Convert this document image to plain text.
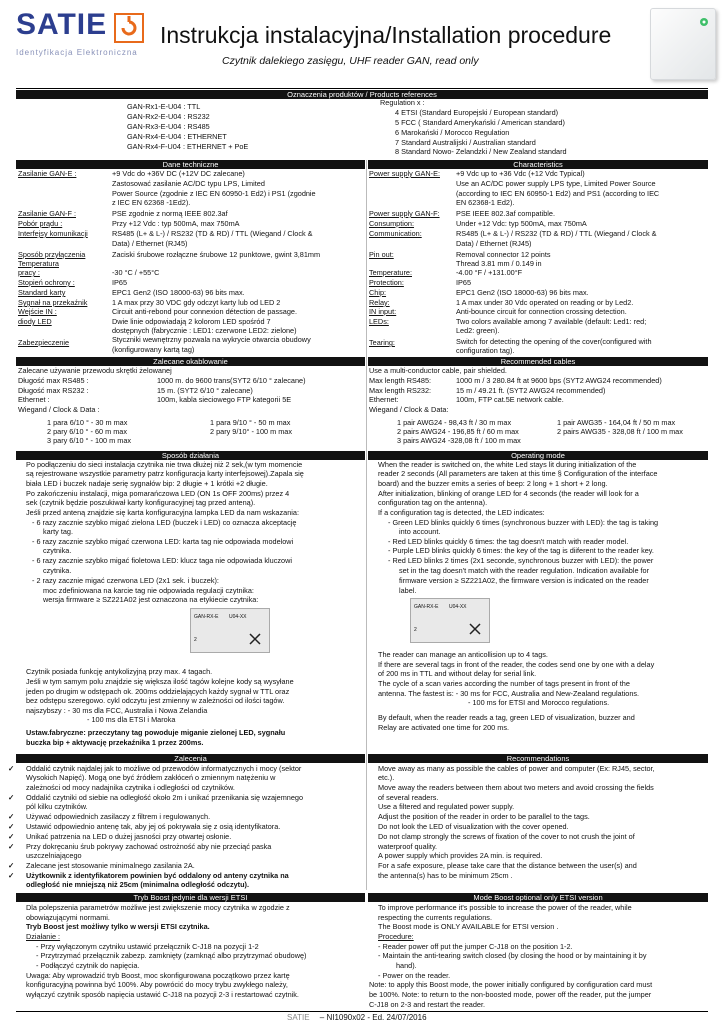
SATIE
Identyfikacja Elektroniczna
Instrukcja instalacyjna/Installation procedure
Czytnik dalekiego zasięgu, UHF reader GAN, read only
Oznaczenia produktów / Products references
Dane techniczne	Characteristics
Zalecane okablowanie	Recommended cables
Sposób działania	Operating mode
Zalecenia	Recommendations
Tryb Boost jedynie dla wersji ETSI	Mode Boost optional only ETSI version
GAN-RX-E U04-XX
2
GAN-RX-E U04-XX
2
GAN-Rx1-E-U04 : TTL
GAN-Rx2-E-U04 : RS232
GAN-Rx3-E-U04 : RS485
GAN-Rx4-E-U04 : ETHERNET
GAN-Rx4-F-U04 : ETHERNET + PoE
Regulation x :
4 ETSI (Standard Europejski / European standard)
5 FCC ( Standard Amerykański / American standard)
6 Marokański / Morocco Regulation
7 Standard Australijski / Australian standard
8 Standard Nowo- Zelandzki / New Zealand standard
Zasilanie GAN-E :	+9 Vdc do +36V DC (+12V DC zalecane)
Zastosować zasilanie AC/DC typu LPS, Limited
Power Source (zgodnie z IEC EN 60950-1 Ed2) i PS1 (zgodnie
z IEC EN 62368 -1Ed2).
Zasilanie GAN-F :	PSE zgodnie z normą IEEE 802.3af
Pobór prądu :	Przy +12 Vdc : typ 500mA, max 750mA
Interfejsy komunikacji	RS485 (L+ & L-) / RS232 (TD & RD) / TTL (Wiegand / Clock &
Data) / Ethernet (RJ45)
Sposób przyłączenia	Zaciski śrubowe rozłączne śrubowe 12 punktowe, gwint 3,81mm
Temperatura
pracy :	-30 °C / +55°C
Stopień ochrony :	IP65
Standard karty	EPC1 Gen2 (ISO 18000-63) 96 bits max.
Sygnał na przekaźnik	1 A max przy 30 VDC gdy odczyt karty lub od LED 2
Wejście IN :	Circuit anti-rebond pour connexion détection de passage.
diody LED	Dwie linie odpowiadają 2 kolorom LED spośród 7
dostępnych (fabrycznie : LED1: czerwone LED2: zielone)
Zabezpieczenie	Styczniki wewnętrzny pozwala na wykrycie otwarcia obudowy
(konfigurowany kartą tag)
Power supply GAN-E: +9 Vdc up to +36 Vdc (+12 Vdc Typical)
Use an AC/DC power supply LPS type, Limited Power Source
(according to IEC EN 60950-1 Ed2) and PS1 (according to IEC
EN 62368-1 Ed2).
Power supply GAN-F: PSE IEEE 802.3af compatible.
Consumption:	Under +12 Vdc: typ 500mA, max 750mA
Communication:	RS485 (L+ & L-) / RS232 (TD & RD) / TTL (Wiegand / Clock &
Data) / Ethernet (RJ45)
Pin out:	Removal connector 12 points
Thread 3.81 mm / 0.149 in
Temperature:	-4.00 °F / +131.00°F
Protection:	IP65
Chip:	EPC1 Gen2 (ISO 18000-63) 96 bits max.
Relay:	1 A max under 30 Vdc operated on reading or by Led2.
IN input:	Anti-bounce circuit for connection crossing detection.
LEDs:	Two colors available among 7 available (default: Led1: red;
Led2: green).
Tearing:	Switch for detecting the opening of the cover(configured with
configuration tag).
Zalecane używanie przewodu skrętki żelowanej
Długość max RS485 :	1000 m. do 9600 trans(SYT2 6/10 ° zalecane)
Długość max RS232 :	15 m. (SYT2 6/10 ° zalecane)
Ethernet :	100m, kabla sieciowego FTP kategorii 5E
Wiegand / Clock & Data :
1 para 6/10 ° - 30 m max	1 para 9/10 ° - 50 m max
2 pary 6/10 ° - 60 m max	2 pary 9/10° - 100 m max
3 pary 6/10 ° - 100 m max
Use a multi-conductor cable, pair shielded.
Max length RS485:	1000 m / 3 280.84 ft at 9600 bps (SYT2 AWG24 recommended)
Max length RS232:	15 m / 49.21 ft. (SYT2 AWG24 recommended)
Ethernet:	100m, FTP cat.5E network cable.
Wiegand / Clock & Data:
1 pair AWG24 - 98,43 ft / 30 m max	1 pair AWG35 - 164,04 ft / 50 m max
2 pairs AWG24 - 196,85 ft / 60 m max	2 pairs AWG35 - 328,08 ft / 100 m max
3 pairs AWG24 -328,08 ft / 100 m max
Po podłączeniu do sieci instalacja czytnika nie trwa dłużej niż 2 sek,(w tym momencie
są rejestrowane wszystkie parametry patrz konfiguracja karty interfejsowej).Zapala się
biała LED i buczek nadaje serię sygnałów bip: 2 długie + 1 krótki +2 długie.
Po zakończeniu instalacji, miga pomarańczowa LED (ON 1s OFF 200ms) przez 4
sek (czytnik będzie poszukiwał karty konfiguracyjnej tag przed anteną).
Jeśli przed anteną znajdzie się karta konfiguracyjna lampka LED da nam wskazania:
- 6 razy zacznie szybko migać zielona LED (buczek i LED) co oznacza akceptację
karty tag.
- 6 razy zacznie szybko migać czerwona LED: karta tag nie odpowiada modelowi
czytnika.
- 6 razy zacznie szybko migać fioletowa LED: klucz taga nie odpowiada kluczowi
czytnika.
- 2 razy zacznie migać czerwona LED (2x1 sek. i buczek):
moc zdefiniowana na karcie tag nie odpowiada regulacji czytnika:
wersja firmware ≥ SZ221A02 jest oznaczona na etykiecie czytnika:
Czytnik posiada funkcję antykolizyjną przy max. 4 tagach.
Jeśli w tym samym polu znajdzie się większa ilość tagów kolejne kody są wysyłane
jeden po drugim w odstępach ok. 200ms oddzielających każdy sygnał w TTL oraz
bez odstępu szeregowo. cykl odczytu jest zmienny w zależności od ilości tagów.
najszybszy : - 30 ms dla FCC, Australia i Nowa Zelandia
- 100 ms dla ETSI i Maroka
Ustaw.fabryczne: przeczytany tag powoduje miganie zielonej LED, sygnału
buczka bip + aktywację przekaźnika 1 przez 200ms.
When the reader is switched on, the white Led stays lit during initialization of the
reader 2 seconds (All parameters are taken at this time § Configuration of the interface
board) and the buzzer emits a series of beep: 2 long + 1 short + 2 long.
After initialization, blinking of orange LED for 4 seconds (the reader will look for a
configuration tag on the antenna).
If a configuration tag is detected, the LED indicates:
- Green LED blinks quickly 6 times (synchronous buzzer with LED): the tag is taking
into account.
- Red LED blinks quickly 6 times: the tag doesn't match with reader model.
- Purple LED blinks quickly 6 times: the key of the tag is diiferent to the reader key.
- Red LED blinks 2 times (2x1 seconde, synchronous buzzer with LED): the power
set in the tag doesn't match with the reader regulation. Indication available for
firmware version ≥ SZ221A02, the firmware version is indicated on the reader
label.
The reader can manage an anticollision up to 4 tags.
If there are several tags in front of the reader, the codes send one by one with a delay
of 200 ms in TTL and without delay for serial link.
The cycle of a scan varies according the number of tags present in front of the
antenna. The fastest is: - 30 ms for FCC, Australia and New-Zealand regulations.
- 100 ms for ETSI and Morocco regulations.
By default, when the reader reads a tag, green LED of visualization, buzzer and
Relay are activated one time for 200 ms.
Oddalić czytnik najdalej jak to możliwe od przewodów informatycznych i mocy (sektor
Wysokich Napięć). Mogą one być źródłem zakłóceń o zmiennym natężeniu w
zależności od mocy nadajnika czytnika i odległości od czytników.
Oddalić czytniki od siebie na odległość około 2m i unikać przenikania się wzajemnego
pól kilku czytników.
Używać odpowiednich zasilaczy z filtrem i regulowanych.
Ustawić odpowiednio antenę tak, aby jej oś pokrywała się z osią identyfikatora.
Unikać patrzenia na LED o dużej jasności przy otwartej osłonie.
Przy dokręcaniu śrub pokrywy zachować ostrożność aby nie przeciąć paska
uszczelniającego
Zalecane jest stosowanie minimalnego zasilania 2A.
Użytkownik z identyfikatorem powinien być oddalony od anteny czytnika na
odległość nie mniejszą niż 25cm (minimalna odległość odczytu).
Move away as many as possible the cables of power and computer (Ex: RJ45, sector,
etc.).
Move away the readers between them about two meters and avoid crossing the fields
of several readers.
Use a filtered and regulated power supply.
Adjust the position of the reader in order to be parallel to the tags.
Do not look the LED of visualization with the cover opened.
Do not clamp strongly the screws of fixation of the cover to not crush the joint of
waterproof quality.
A power supply which provides 2A min. is required.
For a safe exposure, please take care that the distance between the user(s) and
the antenna(s) has to be minimum 25cm .
Dla polepszenia parametrów możliwe jest zwiększenie mocy czytnika w zgodzie z
obowiązującymi normami.
Tryb Boost jest możliwy tylko w wersji ETSI czytnika.
Działanie :
- Przy wyłączonym czytniku ustawić przełącznik C-J18 na pozycji 1-2
- Przytrzymać przełącznik zabezp. zamknięty (zamknąć albo przytrzymać obudowę)
- Podłączyć czytnik do napięcia.
Uwaga: Aby wprowadzić tryb Boost, moc skonfigurowana początkowo przez kartę
konfiguracyjną powinna być 100%. Aby powrócić do mocy trybu zwykłego należy,
wyłączyć czytnik sposób napięcia ustawić C-J18 na pozycji 2-3 i restartować czytnik.
To improve performance it's possible to increase the power of the reader, while
respecting the currents regulations.
The Boost mode is ONLY AVAILABLE for ETSI version .
Procedure:
- Reader power off put the jumper C-J18 on the position 1-2.
- Maintain the anti-tearing switch closed (by closing the hood or by maintaining it by
hand).
- Power on the reader.
Note: to apply this Boost mode, the power initially configured by configuration card must
be 100%. Note: to return to the non-boosted mode, power off the reader, put the jumper
C-J18 on 2-3 and restart the reader.
✓
✓
✓
✓
✓
✓
✓
✓
SATIE – NI1090x02 - Ed. 24/07/2016
